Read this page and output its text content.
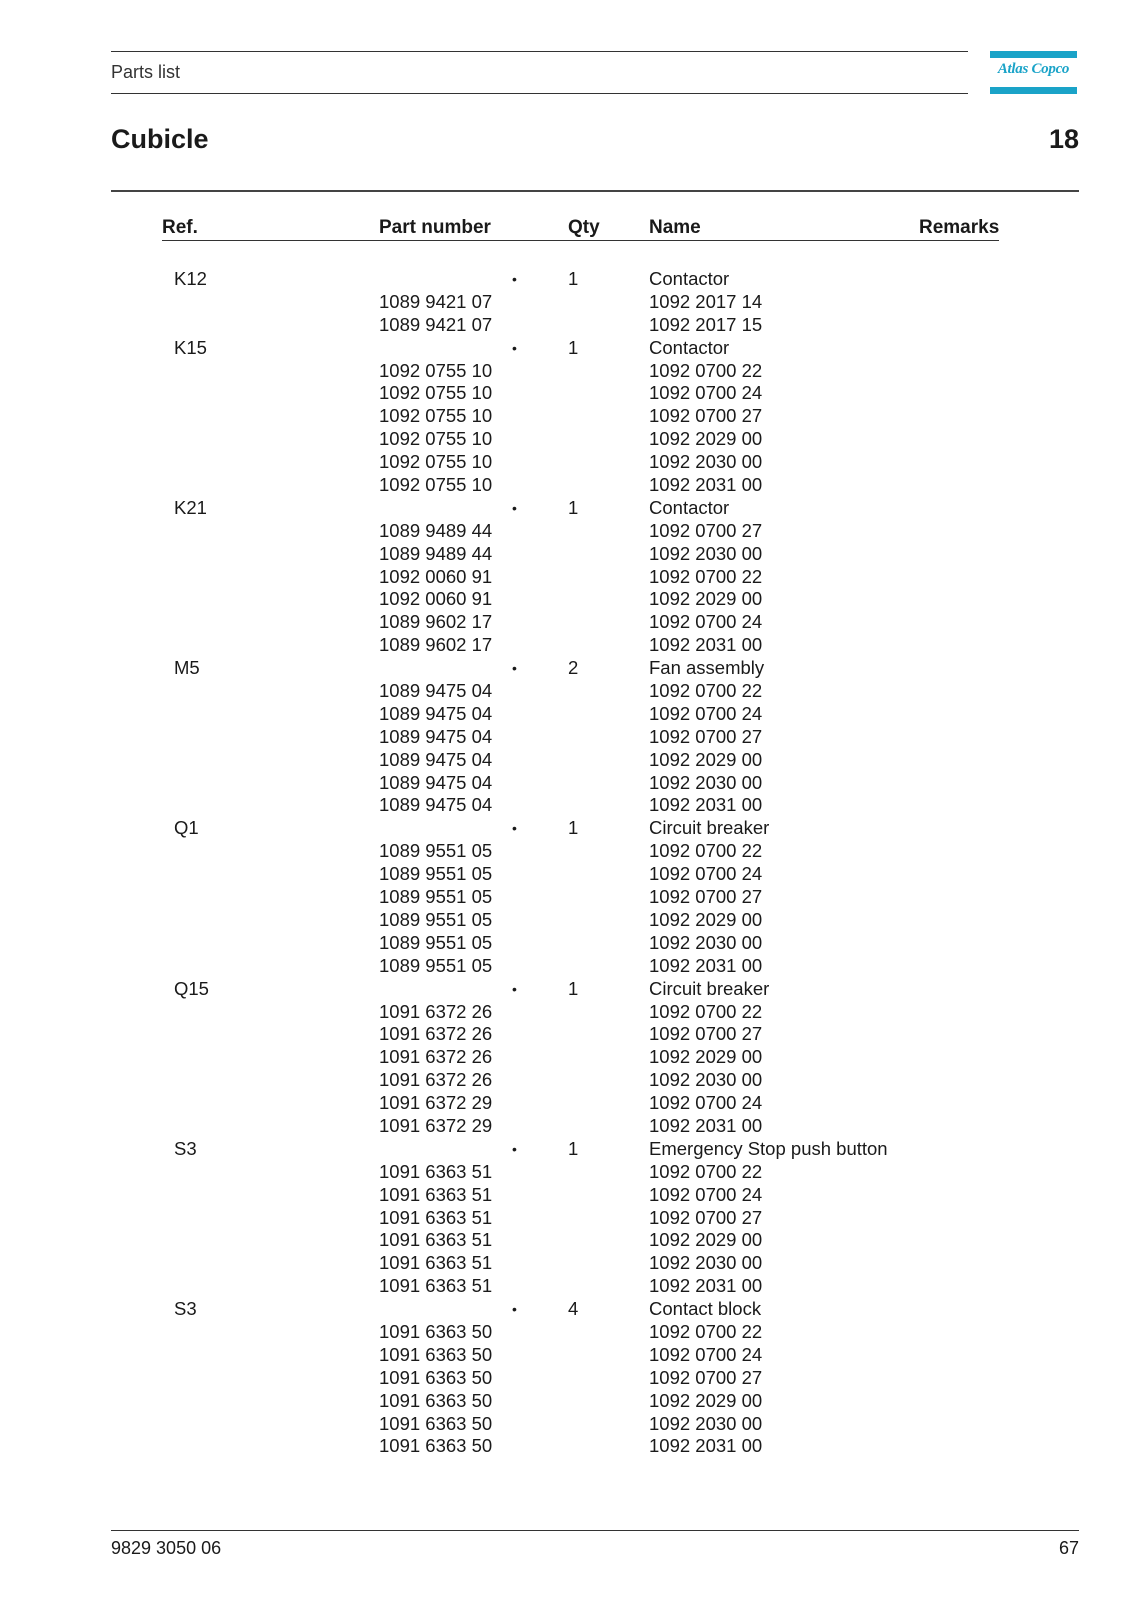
Parts list	Atlas Copco
Cubicle	18
Ref.	Part number	Qty	Name	Remarks
K12	•	1	Contactor
1089 9421 07	1092 2017 14
1089 9421 07	1092 2017 15
K15	•	1	Contactor
1092 0755 10	1092 0700 22
1092 0755 10	1092 0700 24
1092 0755 10	1092 0700 27
1092 0755 10	1092 2029 00
1092 0755 10	1092 2030 00
1092 0755 10	1092 2031 00
K21	•	1	Contactor
1089 9489 44	1092 0700 27
1089 9489 44	1092 2030 00
1092 0060 91	1092 0700 22
1092 0060 91	1092 2029 00
1089 9602 17	1092 0700 24
1089 9602 17	1092 2031 00
M5	•	2	Fan assembly
1089 9475 04	1092 0700 22
1089 9475 04	1092 0700 24
1089 9475 04	1092 0700 27
1089 9475 04	1092 2029 00
1089 9475 04	1092 2030 00
1089 9475 04	1092 2031 00
Q1	•	1	Circuit breaker
1089 9551 05	1092 0700 22
1089 9551 05	1092 0700 24
1089 9551 05	1092 0700 27
1089 9551 05	1092 2029 00
1089 9551 05	1092 2030 00
1089 9551 05	1092 2031 00
Q15	•	1	Circuit breaker
1091 6372 26	1092 0700 22
1091 6372 26	1092 0700 27
1091 6372 26	1092 2029 00
1091 6372 26	1092 2030 00
1091 6372 29	1092 0700 24
1091 6372 29	1092 2031 00
S3	•	1	Emergency Stop push button
1091 6363 51	1092 0700 22
1091 6363 51	1092 0700 24
1091 6363 51	1092 0700 27
1091 6363 51	1092 2029 00
1091 6363 51	1092 2030 00
1091 6363 51	1092 2031 00
S3	•	4	Contact block
1091 6363 50	1092 0700 22
1091 6363 50	1092 0700 24
1091 6363 50	1092 0700 27
1091 6363 50	1092 2029 00
1091 6363 50	1092 2030 00
1091 6363 50	1092 2031 00
9829 3050 06	67
